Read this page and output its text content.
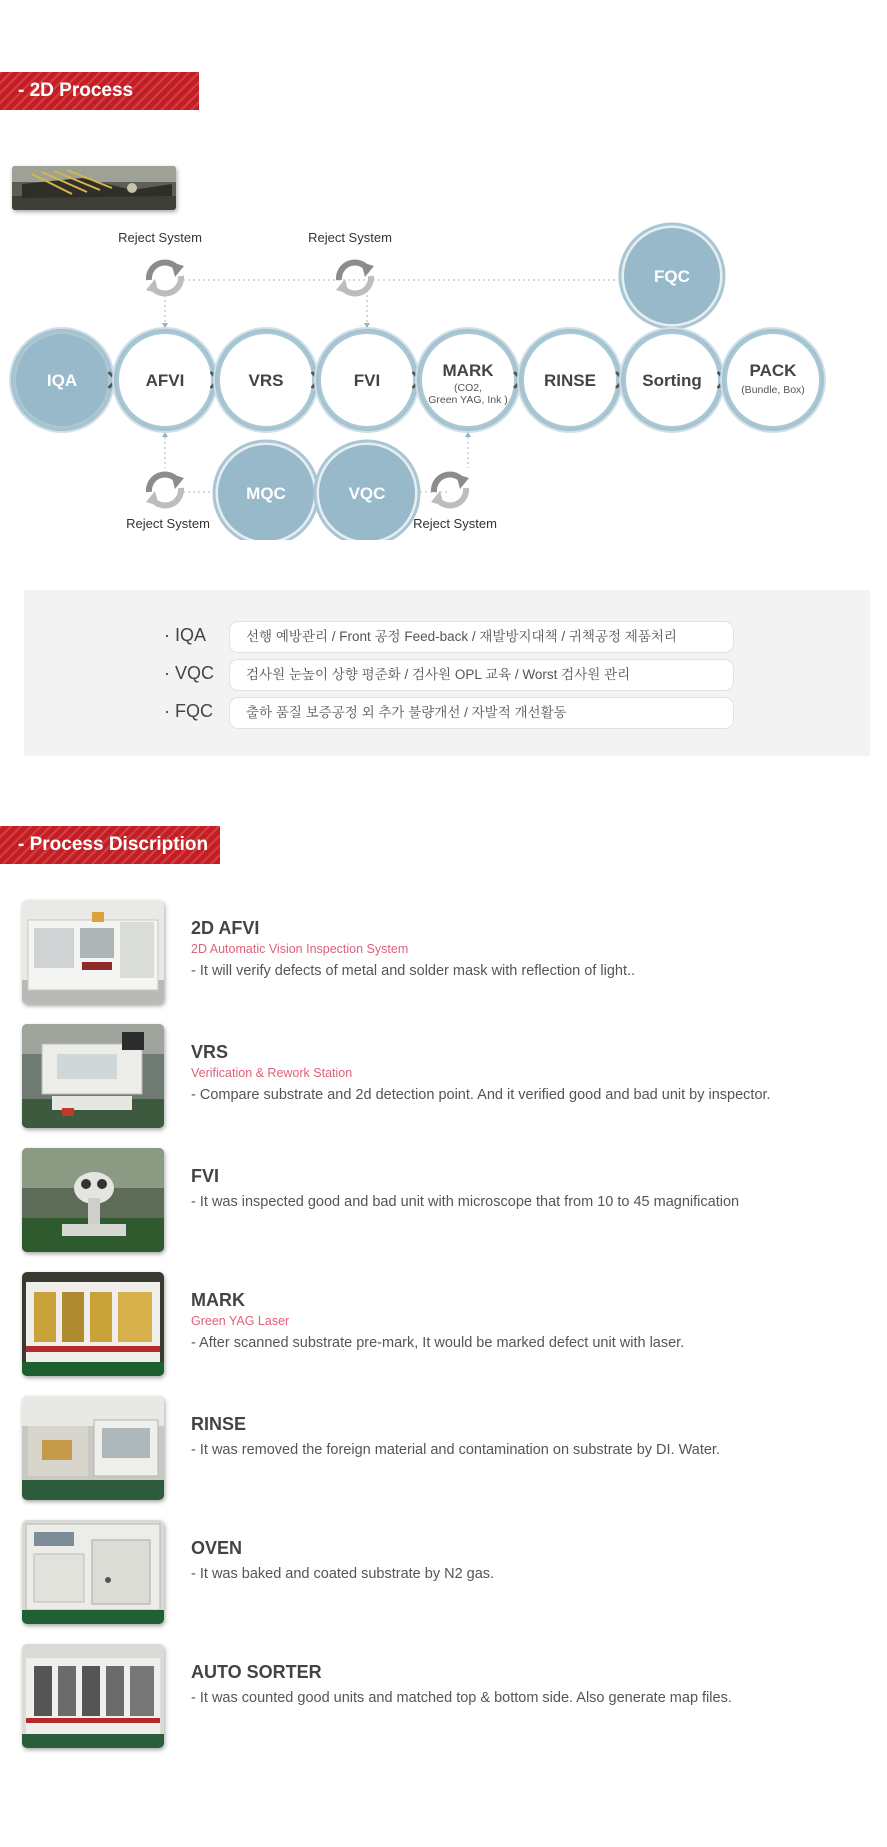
- 2D Process
FQC
MQC	VQC
IQA	AFVI	VRS	FVI
MARK
(CO2,
Green YAG, Ink )
RINSE	Sorting
PACK
(Bundle, Box)
Reject System	Reject System
Reject System	Reject System
· IQA	선행 예방관리 / Front 공정 Feed-back / 재발방지대책 / 귀책공정 제품처리
· VQC	검사원 눈높이 상향 평준화 / 검사원 OPL 교육 / Worst 검사원 관리
· FQC	출하 품질 보증공정 외 추가 불량개선 / 자발적 개선활동
- Process Discription
2D AFVI
2D Automatic Vision Inspection System
- It will verify defects of metal and solder mask with reflection of light..
VRS
Verification & Rework Station
- Compare substrate and 2d detection point. And it verified good and bad unit by inspector.
FVI
- It was inspected good and bad unit with microscope that from 10 to 45 magnification
MARK
Green YAG Laser
- After scanned substrate pre-mark, It would be marked defect unit with laser.
RINSE
- It was removed the foreign material and contamination on substrate by DI. Water.
OVEN
- It was baked and coated substrate by N2 gas.
AUTO SORTER
- It was counted good units and matched top & bottom side. Also generate map files.
